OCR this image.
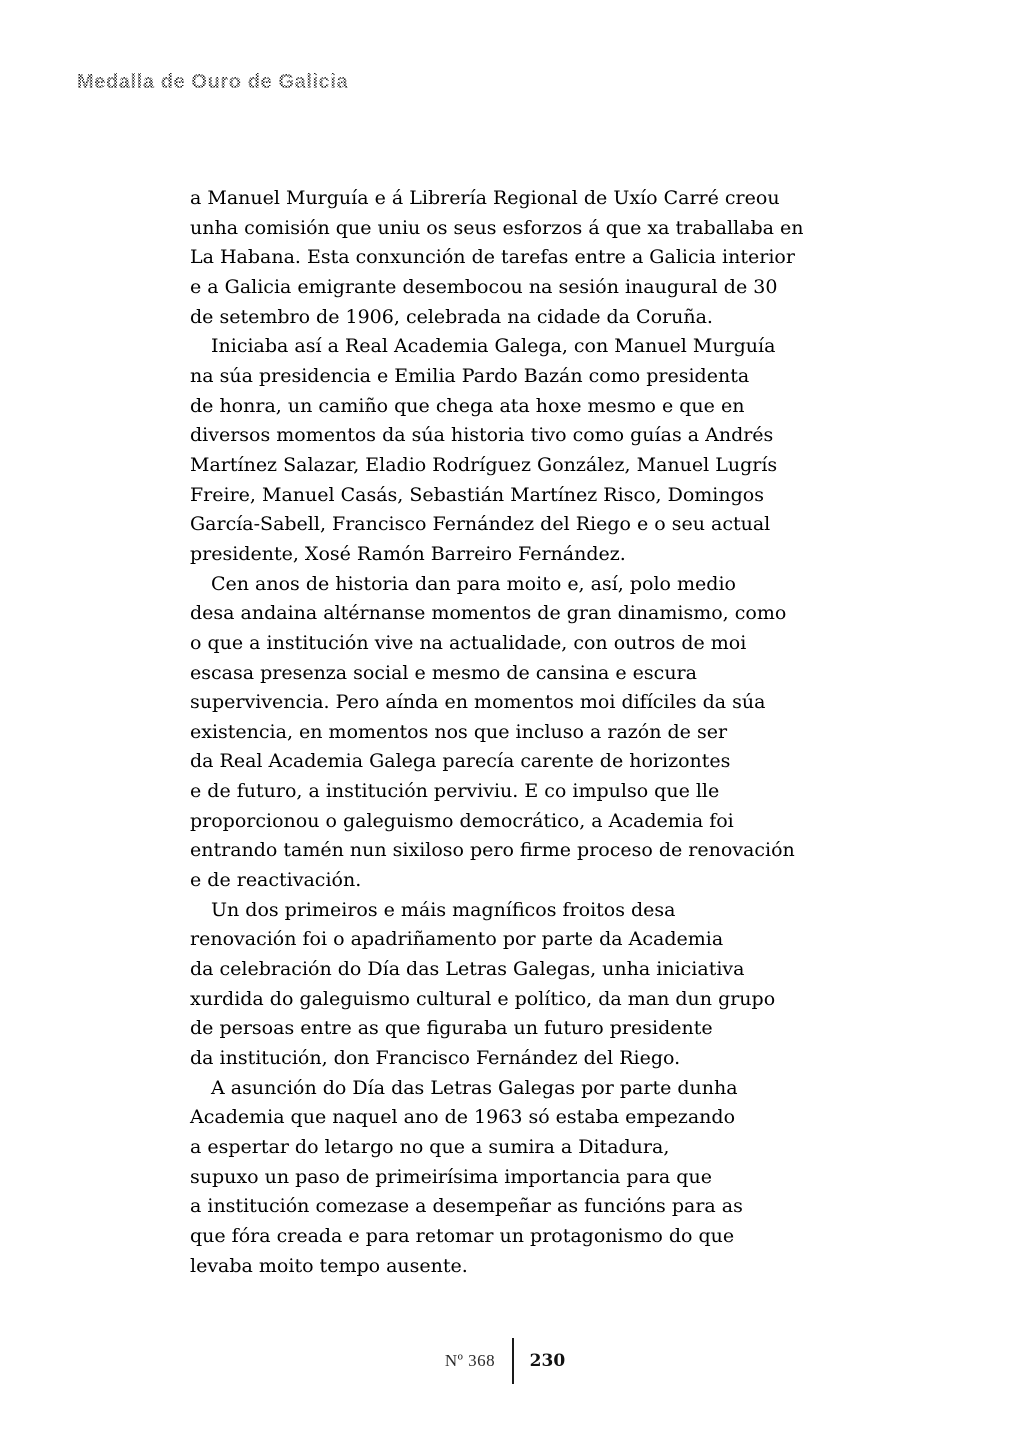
Medalla de Ouro de Galicia

a Manuel Murguía e á Librería Regional de Uxío Carré creou
unha comisión que uniu os seus esforzos á que xa traballaba en
La Habana. Esta conxunción de tarefas entre a Galicia interior
e a Galicia emigrante desembocou na sesión inaugural de 30
de setembro de 1906, celebrada na cidade da Coruña.

Iniciaba así a Real Academia Galega, con Manuel Murguía
na súa presidencia e Emilia Pardo Bazán como presidenta
de honra, un camiño que chega ata hoxe mesmo e que en
diversos momentos da súa historia tivo como guías a Andrés
Martínez Salazar, Eladio Rodríguez González, Manuel Lugrís
Freire, Manuel Casás, Sebastián Martínez Risco, Domingos
García-Sabell, Francisco Fernández del Riego e o seu actual
presidente, Xosé Ramón Barreiro Fernández.

Cen anos de historia dan para moito e, así, polo medio
desa andaina altérnanse momentos de gran dinamismo, como
o que a institución vive na actualidade, con outros de moi
escasa presenza social e mesmo de cansina e escura
supervivencia. Pero aínda en momentos moi difíciles da súa
existencia, en momentos nos que incluso a razón de ser
da Real Academia Galega parecía carente de horizontes
e de futuro, a institución perviviu. E co impulso que lle
proporcionou o galeguismo democrático, a Academia foi
entrando tamén nun sixiloso pero firme proceso de renovación
e de reactivación.

Un dos primeiros e máis magníficos froitos desa
renovación foi o apadriñamento por parte da Academia
da celebración do Día das Letras Galegas, unha iniciativa
xurdida do galeguismo cultural e político, da man dun grupo
de persoas entre as que figuraba un futuro presidente
da institución, don Francisco Fernández del Riego.

A asunción do Día das Letras Galegas por parte dunha
Academia que naquel ano de 1963 só estaba empezando
a espertar do letargo no que a sumira a Ditadura,
supuxo un paso de primeirísima importancia para que
a institución comezase a desempeñar as funcións para as
que fóra creada e para retomar un protagonismo do que
levaba moito tempo ausente.

Nº 368 230
